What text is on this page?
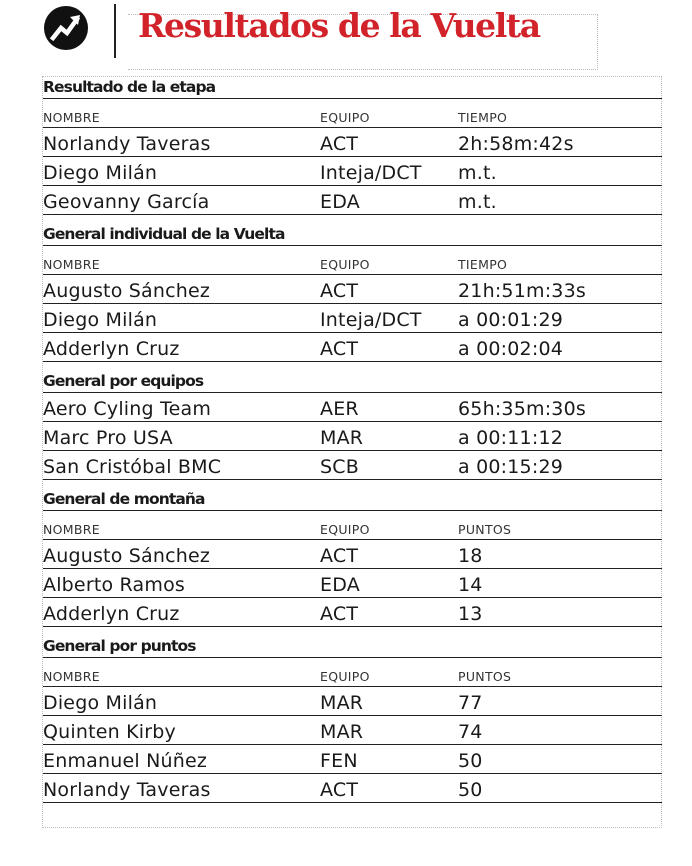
Resultados de la Vuelta
Resultado de la etapa
NOMBRE	EQUIPO	TIEMPO
Norlandy Taveras	ACT	2h:58m:42s
Diego Milán	Inteja/DCT m.t.
Geovanny García	EDA	m.t.
General individual de la Vuelta
NOMBRE	EQUIPO	TIEMPO
Augusto Sánchez	ACT	21h:51m:33s
Diego Milán	Inteja/DCT a 00:01:29
Adderlyn Cruz	ACT	a 00:02:04
General por equipos
Aero Cyling Team	AER	65h:35m:30s
Marc Pro USA	MAR	a 00:11:12
San Cristóbal BMC	SCB	a 00:15:29
General de montaña
NOMBRE	EQUIPO	PUNTOS
Augusto Sánchez	ACT	18
Alberto Ramos	EDA	14
Adderlyn Cruz	ACT	13
General por puntos
NOMBRE	EQUIPO	PUNTOS
Diego Milán	MAR	77
Quinten Kirby	MAR	74
Enmanuel Núñez	FEN	50
Norlandy Taveras	ACT	50
